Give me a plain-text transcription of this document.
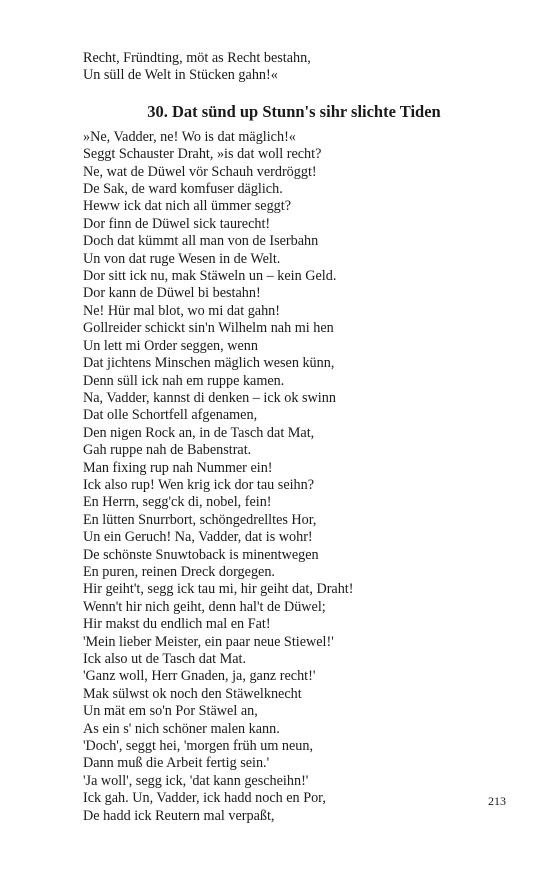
Recht, Fründting, möt as Recht bestahn,
Un süll de Welt in Stücken gahn!«
30. Dat sünd up Stunn's sihr slichte Tiden
»Ne, Vadder, ne! Wo is dat mäglich!«
Seggt Schauster Draht, »is dat woll recht?
Ne, wat de Düwel vör Schauh verdröggt!
De Sak, de ward komfuser däglich.
Heww ick dat nich all ümmer seggt?
Dor finn de Düwel sick taurecht!
Doch dat kümmt all man von de Iserbahn
Un von dat ruge Wesen in de Welt.
Dor sitt ick nu, mak Stäweln un – kein Geld.
Dor kann de Düwel bi bestahn!
Ne! Hür mal blot, wo mi dat gahn!
Gollreider schickt sin'n Wilhelm nah mi hen
Un lett mi Order seggen, wenn
Dat jichtens Minschen mäglich wesen künn,
Denn süll ick nah em ruppe kamen.
Na, Vadder, kannst di denken – ick ok swinn
Dat olle Schortfell afgenamen,
Den nigen Rock an, in de Tasch dat Mat,
Gah ruppe nah de Babenstrat.
Man fixing rup nah Nummer ein!
Ick also rup! Wen krig ick dor tau seihn?
En Herrn, segg'ck di, nobel, fein!
En lütten Snurrbort, schöngedrelltes Hor,
Un ein Geruch! Na, Vadder, dat is wohr!
De schönste Snuwtoback is minentwegen
En puren, reinen Dreck dorgegen.
Hir geiht't, segg ick tau mi, hir geiht dat, Draht!
Wenn't hir nich geiht, denn hal't de Düwel;
Hir makst du endlich mal en Fat!
'Mein lieber Meister, ein paar neue Stiewel!'
Ick also ut de Tasch dat Mat.
'Ganz woll, Herr Gnaden, ja, ganz recht!'
Mak sülwst ok noch den Stäwelknecht
Un mät em so'n Por Stäwel an,
As ein s' nich schöner malen kann.
'Doch', seggt hei, 'morgen früh um neun,
Dann muß die Arbeit fertig sein.'
'Ja woll', segg ick, 'dat kann gescheihn!'
Ick gah. Un, Vadder, ick hadd noch en Por,
De hadd ick Reutern mal verpaßt,
213
